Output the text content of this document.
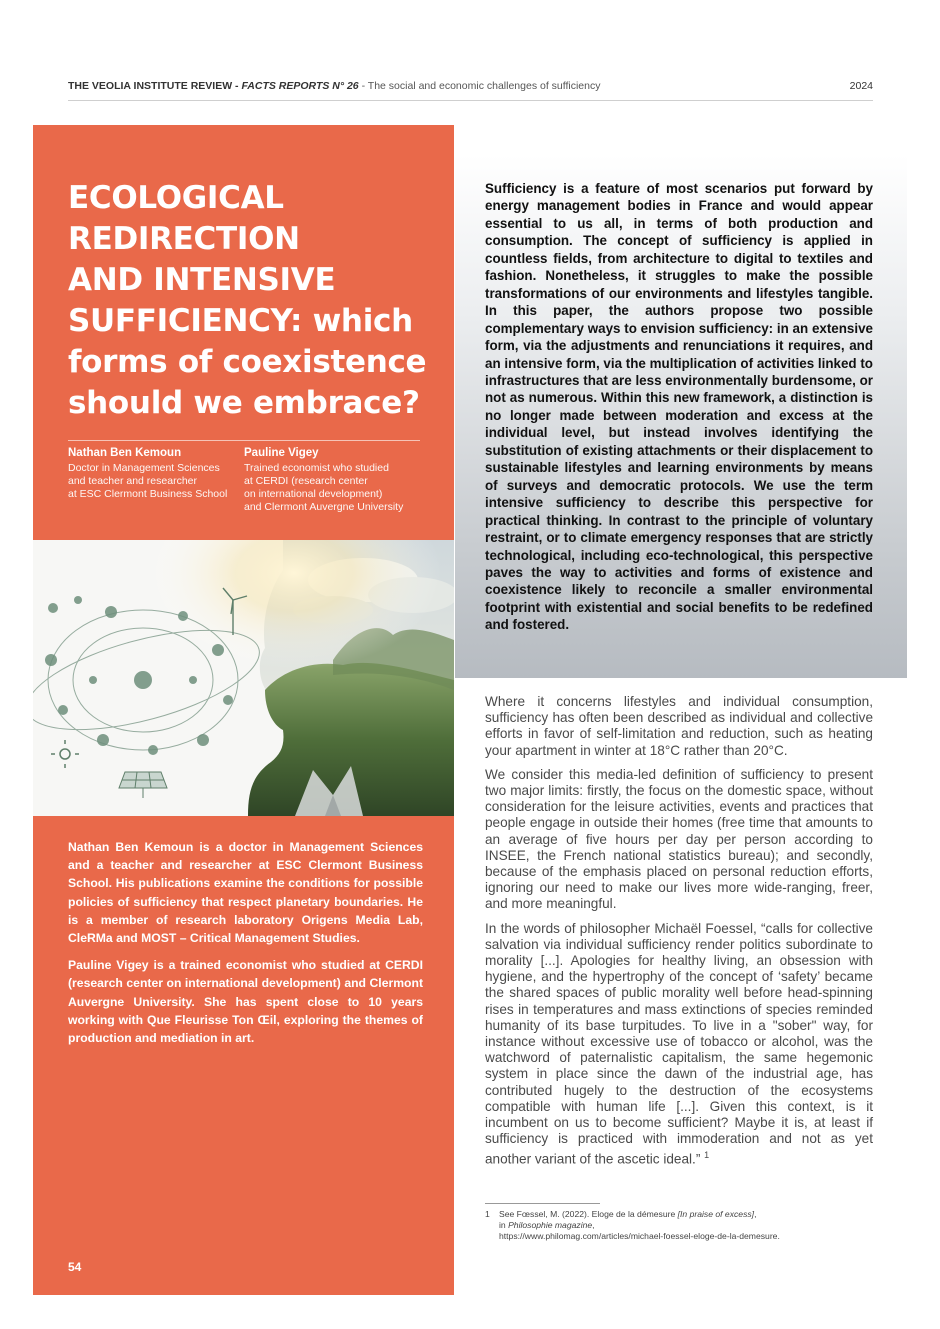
THE VEOLIA INSTITUTE REVIEW - FACTS REPORTS N° 26 - The social and economic challenges of sufficiency	2024
ECOLOGICAL
REDIRECTION
AND INTENSIVE
SUFFICIENCY: which
forms of coexistence
should we embrace?
Nathan Ben Kemoun
Doctor in Management Sciences
and teacher and researcher
at ESC Clermont Business School
Pauline Vigey
Trained economist who studied
at CERDI (research center
on international development)
and Clermont Auvergne University

Nathan Ben Kemoun is a doctor in Management Sciences and a teacher and researcher at ESC Clermont Business School. His publications examine the conditions for possible policies of sufficiency that respect planetary boundaries. He is a member of research laboratory Origens Media Lab, CleRMa and MOST – Critical Management Studies.

Pauline Vigey is a trained economist who studied at CERDI (research center on international development) and Clermont Auvergne University. She has spent close to 10 years working with Que Fleurisse Ton Œil, exploring the themes of production and mediation in art.

54

Sufficiency is a feature of most scenarios put forward by energy management bodies in France and would appear essential to us all, in terms of both production and consumption. The concept of sufficiency is applied in countless fields, from architecture to digital to textiles and fashion. Nonetheless, it struggles to make the possible transformations of our environments and lifestyles tangible. In this paper, the authors propose two possible complementary ways to envision sufficiency: in an extensive form, via the adjustments and renunciations it requires, and an intensive form, via the multiplication of activities linked to infrastructures that are less environmentally burdensome, or not as numerous. Within this new framework, a distinction is no longer made between moderation and excess at the individual level, but instead involves identifying the substitution of existing attachments or their displacement to sustainable lifestyles and learning environments by means of surveys and democratic protocols. We use the term intensive sufficiency to describe this perspective for practical thinking. In contrast to the principle of voluntary restraint, or to climate emergency responses that are strictly technological, including eco-technological, this perspective paves the way to activities and forms of existence and coexistence likely to reconcile a smaller environmental footprint with existential and social benefits to be redefined and fostered.

Where it concerns lifestyles and individual consumption, sufficiency has often been described as individual and collective efforts in favor of self-limitation and reduction, such as heating your apartment in winter at 18°C rather than 20°C.

We consider this media-led definition of sufficiency to present two major limits: firstly, the focus on the domestic space, without consideration for the leisure activities, events and practices that people engage in outside their homes (free time that amounts to an average of five hours per day per person according to INSEE, the French national statistics bureau); and secondly, because of the emphasis placed on personal reduction efforts, ignoring our need to make our lives more wide-ranging, freer, and more meaningful.

In the words of philosopher Michaël Foessel, “calls for collective salvation via individual sufficiency render politics subordinate to morality [...]. Apologies for healthy living, an obsession with hygiene, and the hypertrophy of the concept of ‘safety’ became the shared spaces of public morality well before head-spinning rises in temperatures and mass extinctions of species reminded humanity of its base turpitudes. To live in a "sober" way, for instance without excessive use of tobacco or alcohol, was the watchword of paternalistic capitalism, the same hegemonic system in place since the dawn of the industrial age, has contributed hugely to the destruction of the ecosystems compatible with human life [...]. Given this context, is it incumbent on us to become sufficient? Maybe it is, at least if sufficiency is practiced with immoderation and not as yet another variant of the ascetic ideal.” $^1$

1 See Fœssel, M. (2022). Eloge de la démesure [In praise of excess],
in Philosophie magazine,
https://www.philomag.com/articles/michael-foessel-eloge-de-la-demesure.
